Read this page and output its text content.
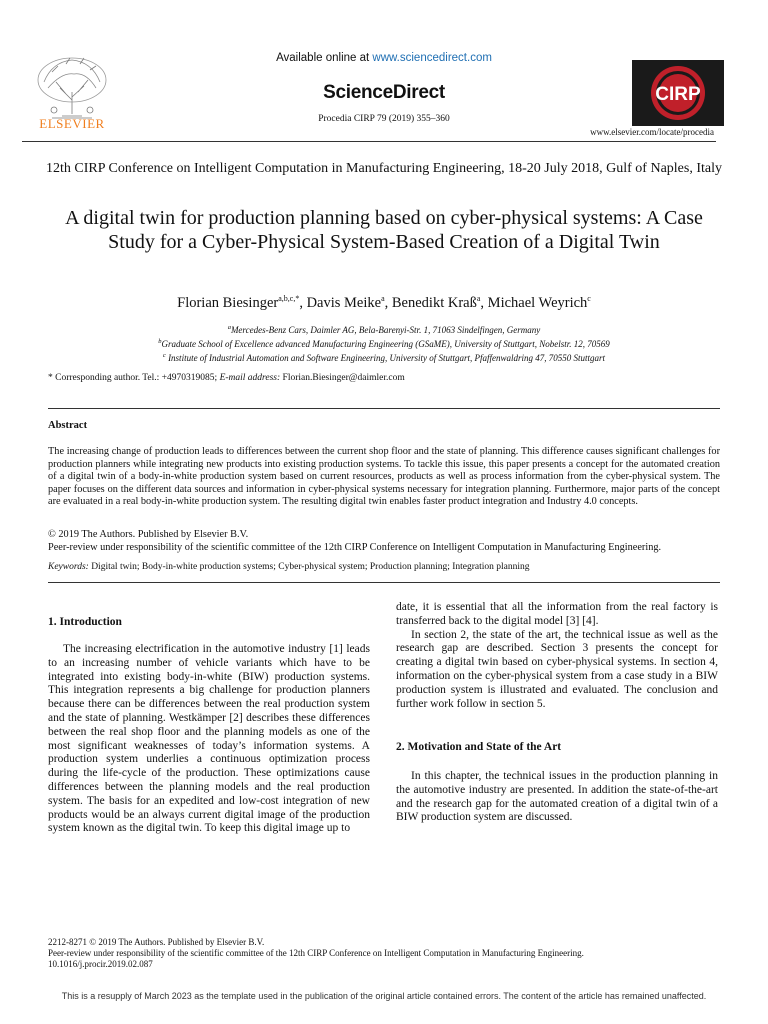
ELSEVIER
Available online at www.sciencedirect.com
ScienceDirect
Procedia CIRP 79 (2019) 355–360
CIRP
www.elsevier.com/locate/procedia
12th CIRP Conference on Intelligent Computation in Manufacturing Engineering, 18-20 July 2018, Gulf of Naples, Italy
A digital twin for production planning based on cyber-physical systems: A Case Study for a Cyber-Physical System-Based Creation of a Digital Twin
Florian Biesinger$^{a,b,c,*}$, Davis Meike$^a$, Benedikt Kraß$^a$, Michael Weyrich$^c$
$^a$Mercedes-Benz Cars, Daimler AG, Bela-Barenyi-Str. 1, 71063 Sindelfingen, Germany
$^b$Graduate School of Excellence advanced Manufacturing Engineering (GSaME), University of Stuttgart, Nobelstr. 12, 70569
$^c$ Institute of Industrial Automation and Software Engineering, University of Stuttgart, Pfaffenwaldring 47, 70550 Stuttgart
* Corresponding author. Tel.: +4970319085; E-mail address: Florian.Biesinger@daimler.com
Abstract
The increasing change of production leads to differences between the current shop floor and the state of planning. This difference causes significant challenges for production planners while integrating new products into existing production systems. To tackle this issue, this paper presents a concept for the automated creation of a digital twin of a body-in-white production system based on current resources, products as well as process information from the cyber-physical system. The paper focuses on the different data sources and information in cyber-physical systems necessary for integration planning. Furthermore, major parts of the concept are evaluated in a real body-in-white production system. The resulting digital twin enables faster product integration and Industry 4.0 concepts.
© 2019 The Authors. Published by Elsevier B.V.
Peer-review under responsibility of the scientific committee of the 12th CIRP Conference on Intelligent Computation in Manufacturing Engineering.
Keywords: Digital twin; Body-in-white production systems; Cyber-physical system; Production planning; Integration planning
1. Introduction

The increasing electrification in the automotive industry [1] leads to an increasing number of vehicle variants which have to be integrated into existing body-in-white (BIW) production systems. This integration represents a big challenge for production planners because there can be differences between the real production system and the state of planning. Westkämper [2] describes these differences between the real shop floor and the planning models as one of the most significant weaknesses of today’s information systems. A production system underlies a continuous optimization process during the life-cycle of the production. These optimizations cause differences between the planning models and the real production system. The basis for an expedited and low-cost integration of new products would be an always current digital image of the production system known as the digital twin. To keep this digital image up to

date, it is essential that all the information from the real factory is transferred back to the digital model [3] [4].

In section 2, the state of the art, the technical issue as well as the research gap are described. Section 3 presents the concept for creating a digital twin based on cyber-physical systems. In section 4, information on the cyber-physical system from a case study in a BIW production system is illustrated and evaluated. The conclusion and further work follow in section 5.

2. Motivation and State of the Art

In this chapter, the technical issues in the production planning in the automotive industry are presented. In addition the state-of-the-art and the research gap for the automated creation of a digital twin of a BIW production system are discussed.

2212-8271 © 2019 The Authors. Published by Elsevier B.V.
Peer-review under responsibility of the scientific committee of the 12th CIRP Conference on Intelligent Computation in Manufacturing Engineering.
10.1016/j.procir.2019.02.087
This is a resupply of March 2023 as the template used in the publication of the original article contained errors. The content of the article has remained unaffected.
